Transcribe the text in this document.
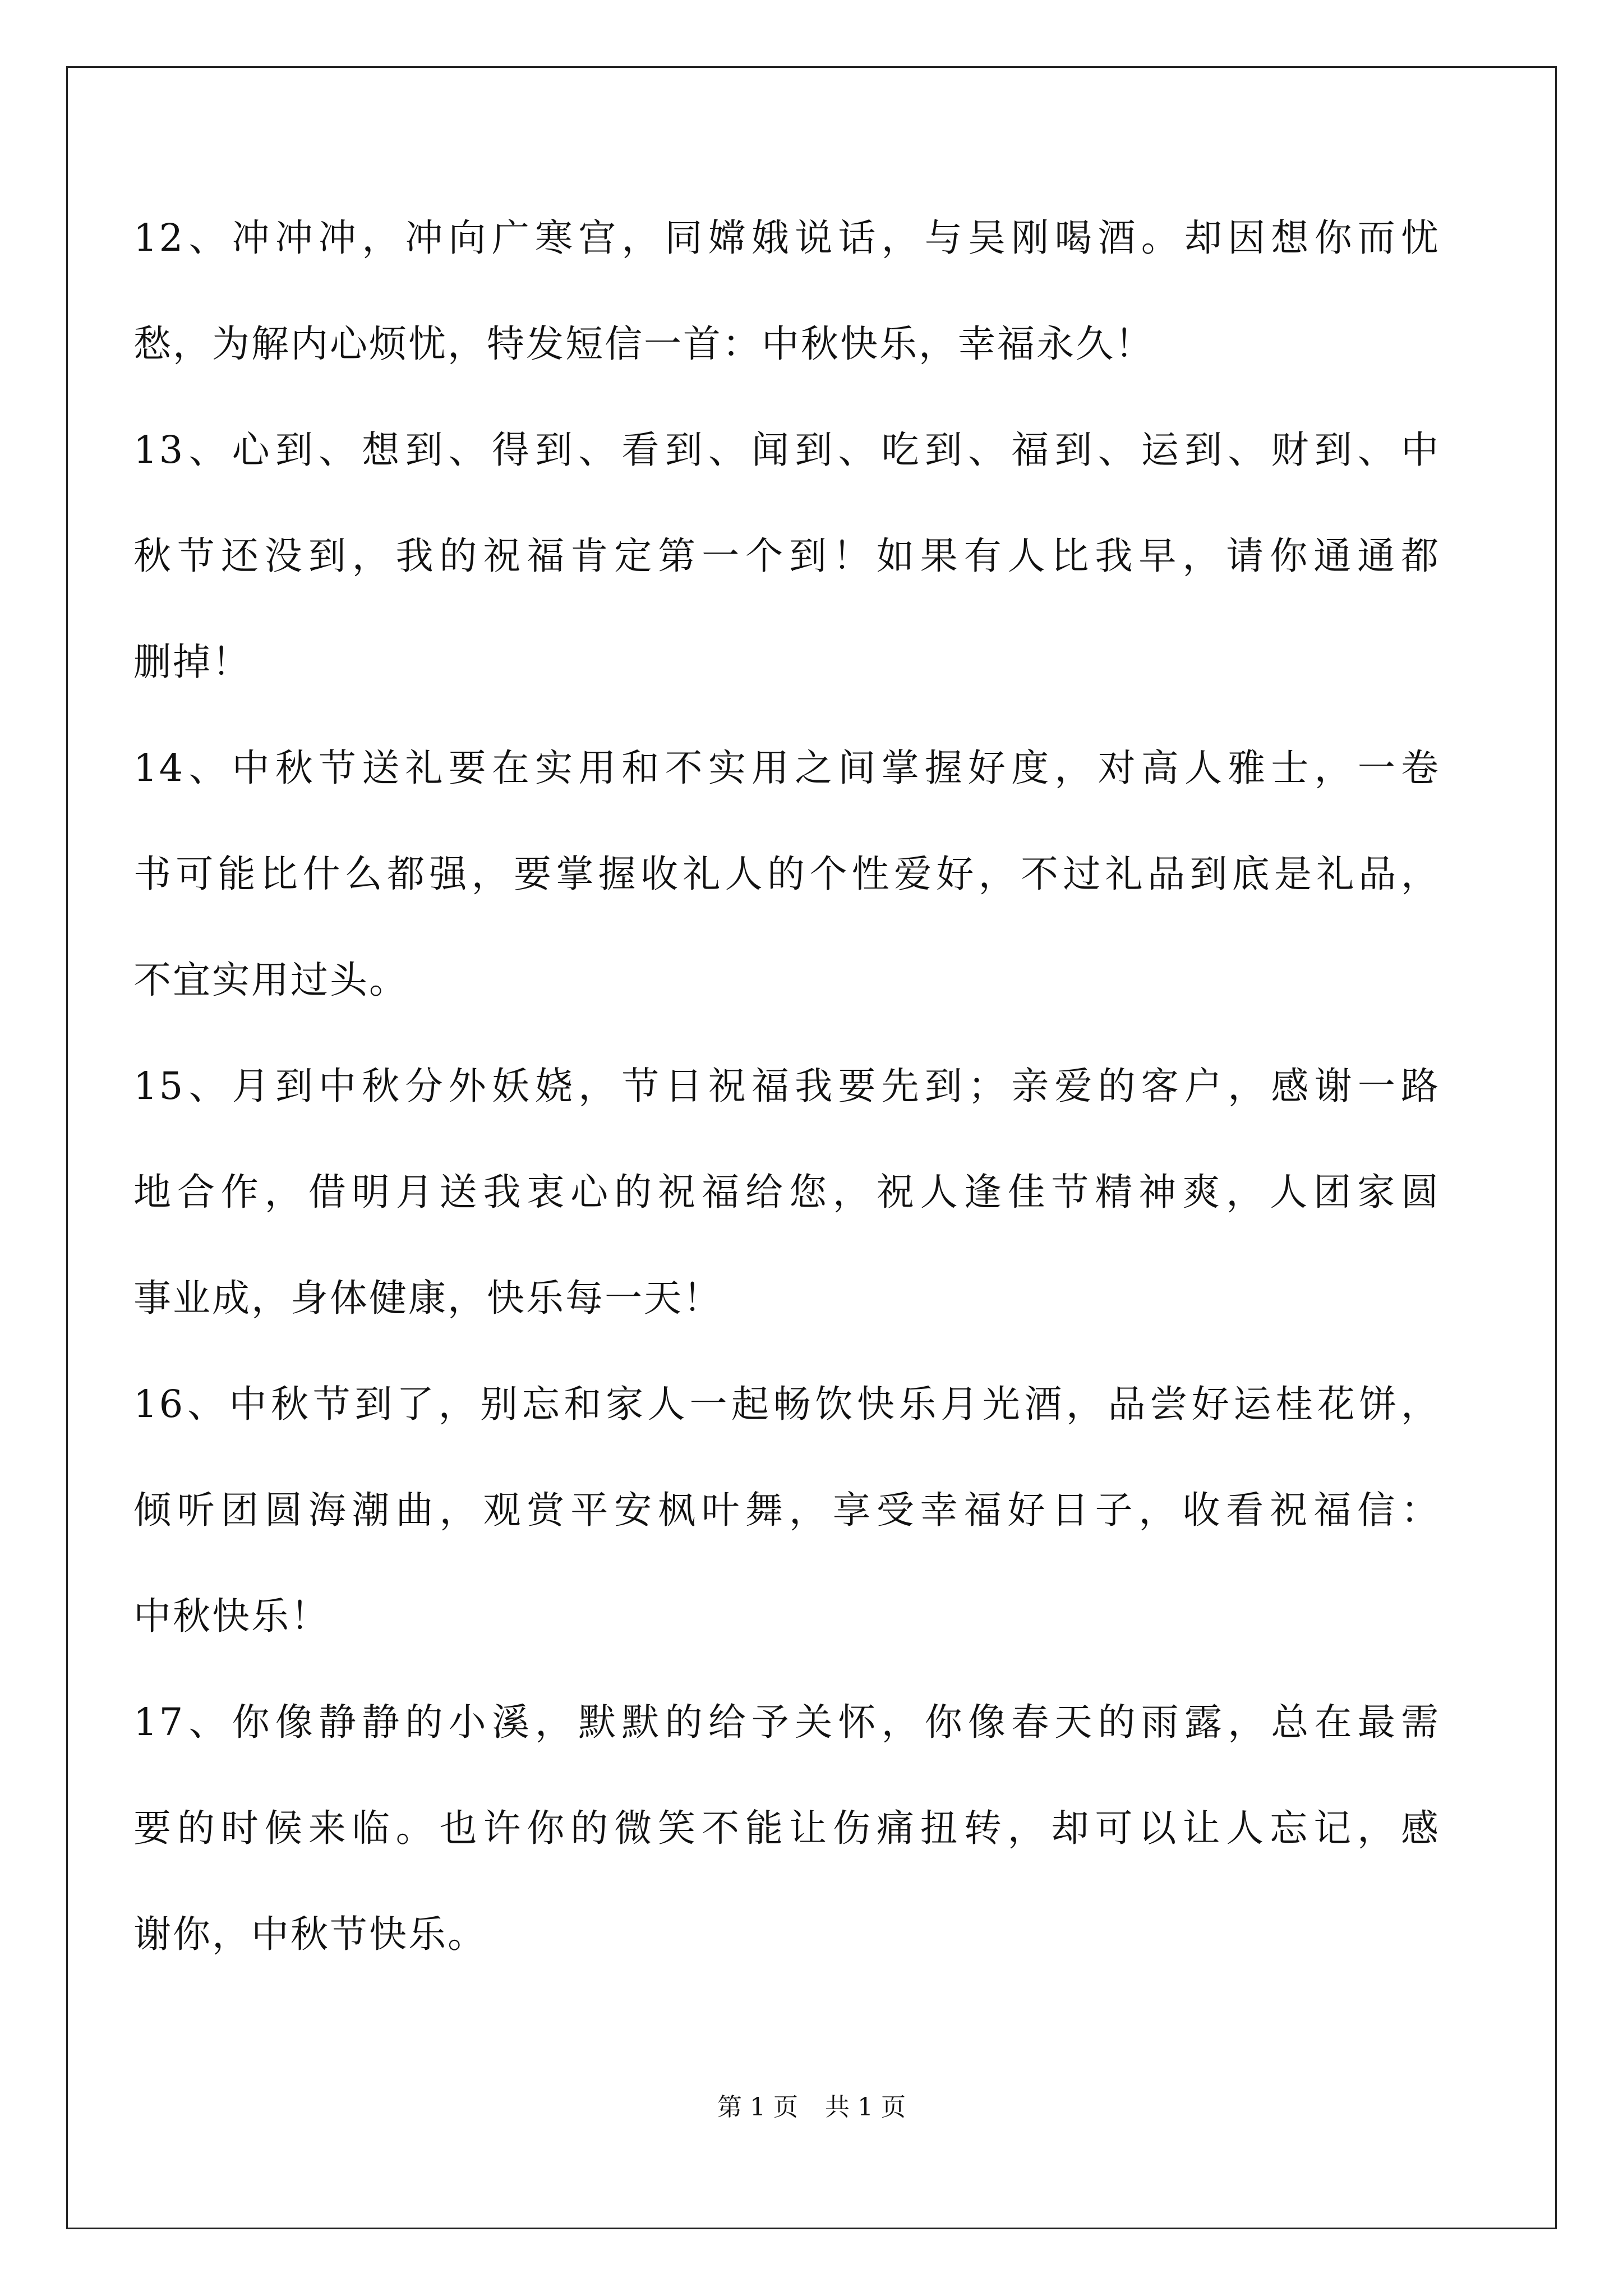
12、冲冲冲，冲向广寒宫，同嫦娥说话，与吴刚喝酒。却因想你而忧
愁，为解内心烦忧，特发短信一首：中秋快乐，幸福永久！
13、心到、想到、得到、看到、闻到、吃到、福到、运到、财到、中
秋节还没到，我的祝福肯定第一个到！如果有人比我早，请你通通都
删掉！
14、中秋节送礼要在实用和不实用之间掌握好度，对高人雅士，一卷
书可能比什么都强，要掌握收礼人的个性爱好，不过礼品到底是礼品，
不宜实用过头。
15、月到中秋分外妖娆，节日祝福我要先到；亲爱的客户，感谢一路
地合作，借明月送我衷心的祝福给您，祝人逢佳节精神爽，人团家圆
事业成，身体健康，快乐每一天！
16、中秋节到了，别忘和家人一起畅饮快乐月光酒，品尝好运桂花饼，
倾听团圆海潮曲，观赏平安枫叶舞，享受幸福好日子，收看祝福信：
中秋快乐！
17、你像静静的小溪，默默的给予关怀，你像春天的雨露，总在最需
要的时候来临。也许你的微笑不能让伤痛扭转，却可以让人忘记，感
谢你，中秋节快乐。
第 1 页 共 1 页
